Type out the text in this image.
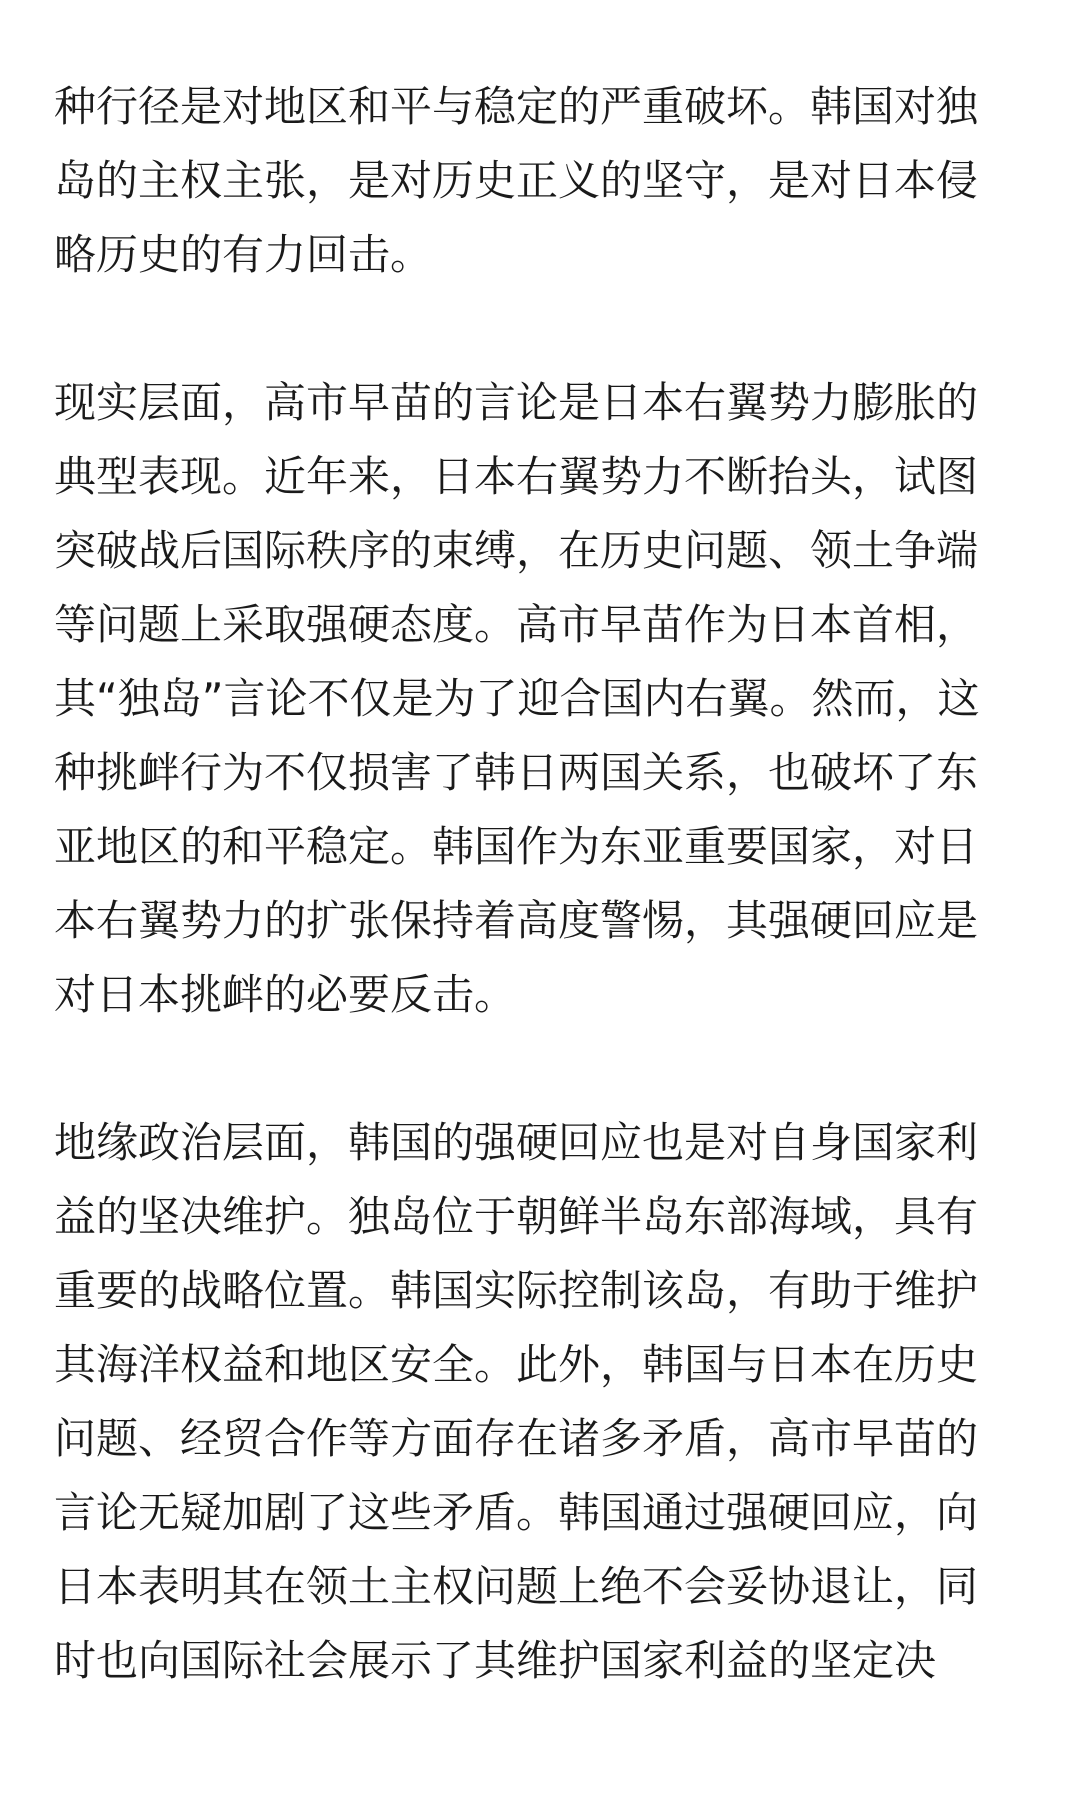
种行径是对地区和平与稳定的严重破坏。韩国对独
岛的主权主张，是对历史正义的坚守，是对日本侵
略历史的有力回击。
现实层面，高市早苗的言论是日本右翼势力膨胀的
典型表现。近年来，日本右翼势力不断抬头，试图
突破战后国际秩序的束缚，在历史问题、领土争端
等问题上采取强硬态度。高市早苗作为日本首相，
其“独岛”言论不仅是为了迎合国内右翼。然而，这
种挑衅行为不仅损害了韩日两国关系，也破坏了东
亚地区的和平稳定。韩国作为东亚重要国家，对日
本右翼势力的扩张保持着高度警惕，其强硬回应是
对日本挑衅的必要反击。
地缘政治层面，韩国的强硬回应也是对自身国家利
益的坚决维护。独岛位于朝鲜半岛东部海域，具有
重要的战略位置。韩国实际控制该岛，有助于维护
其海洋权益和地区安全。此外，韩国与日本在历史
问题、经贸合作等方面存在诸多矛盾，高市早苗的
言论无疑加剧了这些矛盾。韩国通过强硬回应，向
日本表明其在领土主权问题上绝不会妥协退让，同
时也向国际社会展示了其维护国家利益的坚定决
